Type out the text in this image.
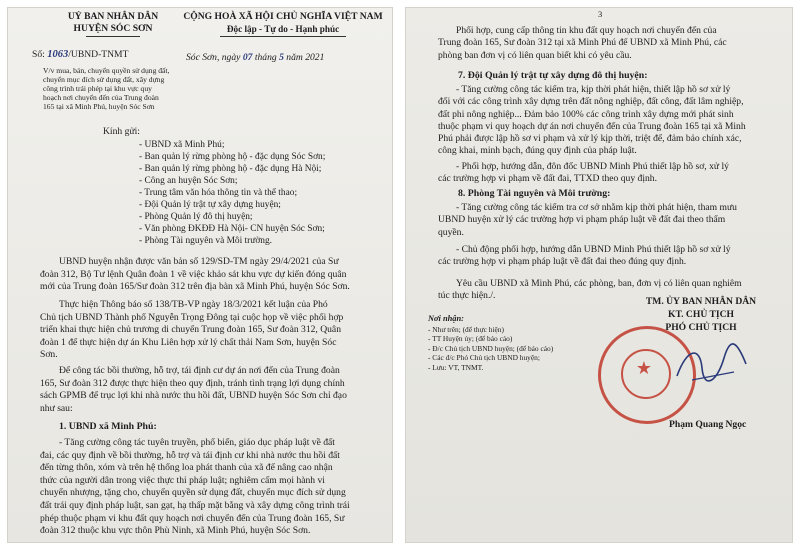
UỶ BAN NHÂN DÂN
HUYỆN SÓC SƠN
CỘNG HOÀ XÃ HỘI CHỦ NGHĨA VIỆT NAM
Độc lập - Tự do - Hạnh phúc
Số: 1063/UBND-TNMT	Sóc Sơn, ngày 07 tháng 5 năm 2021
V/v mua, bán, chuyển quyền sử dụng đất,
chuyển mục đích sử dụng đất, xây dựng
công trình trái phép tại khu vực quy
hoạch nơi chuyển đến của Trung đoàn
165 tại xã Minh Phú, huyện Sóc Sơn
Kính gửi:
- UBND xã Minh Phú;
- Ban quản lý rừng phòng hộ - đặc dụng Sóc Sơn;
- Ban quản lý rừng phòng hộ - đặc dụng Hà Nội;
- Công an huyện Sóc Sơn;
- Trung tâm văn hóa thông tin và thể thao;
- Đội Quản lý trật tự xây dựng huyện;
- Phòng Quản lý đô thị huyện;
- Văn phòng ĐKĐĐ Hà Nội- CN huyện Sóc Sơn;
- Phòng Tài nguyên và Môi trường.
UBND huyện nhận được văn bản số 129/SD-TM ngày 29/4/2021 của Sư
đoàn 312, Bộ Tư lệnh Quân đoàn 1 về việc khảo sát khu vực dự kiến đóng quân
mới của Trung đoàn 165/Sư đoàn 312 trên địa bàn xã Minh Phú, huyện Sóc Sơn.
Thực hiện Thông báo số 138/TB-VP ngày 18/3/2021 kết luận của Phó
Chủ tịch UBND Thành phố Nguyễn Trọng Đông tại cuộc họp về việc phối hợp
triển khai thực hiện chủ trương di chuyển Trung đoàn 165, Sư đoàn 312, Quân
đoàn 1 để thực hiện dự án Khu Liên hợp xử lý chất thải Nam Sơn, huyện Sóc
Sơn.
Để công tác bồi thường, hỗ trợ, tái định cư dự án nơi đến của Trung đoàn
165, Sư đoàn 312 được thực hiện theo quy định, tránh tình trạng lợi dụng chính
sách GPMB để trục lợi khi nhà nước thu hồi đất, UBND huyện Sóc Sơn chỉ đạo
như sau:
1. UBND xã Minh Phú:
- Tăng cường công tác tuyên truyền, phổ biến, giáo dục pháp luật về đất
đai, các quy định về bồi thường, hỗ trợ và tái định cư khi nhà nước thu hồi đất
đến từng thôn, xóm và trên hệ thống loa phát thanh của xã để nâng cao nhận
thức của người dân trong việc thực thi pháp luật; nghiêm cấm mọi hành vi
chuyển nhượng, tặng cho, chuyển quyền sử dụng đất, chuyển mục đích sử dụng
đất trái quy định pháp luật, san gạt, hạ thấp mặt bằng và xây dựng công trình trái
phép thuộc phạm vi khu đất quy hoạch nơi chuyển đến của Trung đoàn 165, Sư
đoàn 312 thuộc khu vực thôn Phù Ninh, xã Minh Phú, huyện Sóc Sơn.
3
Phối hợp, cung cấp thông tin khu đất quy hoạch nơi chuyển đến của
Trung đoàn 165, Sư đoàn 312 tại xã Minh Phú để UBND xã Minh Phú, các
phòng ban đơn vị có liên quan biết khi có yêu cầu.
7. Đội Quản lý trật tự xây dựng đô thị huyện:
- Tăng cường công tác kiểm tra, kịp thời phát hiện, thiết lập hồ sơ xử lý
đối với các công trình xây dựng trên đất nông nghiệp, đất công, đất lâm nghiệp,
đất phi nông nghiệp... Đảm bảo 100% các công trình xây dựng mới phát sinh
thuộc phạm vi quy hoạch dự án nơi chuyển đến của Trung đoàn 165 tại xã Minh
Phú phải được lập hồ sơ vi phạm và xử lý kịp thời, triệt để, đảm bảo chính xác,
công khai, minh bạch, đúng quy định của pháp luật.
- Phối hợp, hướng dẫn, đôn đốc UBND Minh Phú thiết lập hồ sơ, xử lý
các trường hợp vi phạm về đất đai, TTXD theo quy định.
8. Phòng Tài nguyên và Môi trường:
- Tăng cường công tác kiểm tra cơ sở nhằm kịp thời phát hiện, tham mưu
UBND huyện xử lý các trường hợp vi phạm pháp luật về đất đai theo thẩm
quyền.
- Chủ động phối hợp, hướng dẫn UBND Minh Phú thiết lập hồ sơ xử lý
các trường hợp vi phạm pháp luật về đất đai theo đúng quy định.
Yêu cầu UBND xã Minh Phú, các phòng, ban, đơn vị có liên quan nghiêm
túc thực hiện./.
Nơi nhận:
- Như trên; (để thực hiện)
- TT Huyện ủy; (để báo cáo)
- Đ/c Chủ tịch UBND huyện; (để báo cáo)
- Các đ/c Phó Chủ tịch UBND huyện;
- Lưu: VT, TNMT.
TM. ỦY BAN NHÂN DÂN
KT. CHỦ TỊCH
PHÓ CHỦ TỊCH
★
Phạm Quang Ngọc
